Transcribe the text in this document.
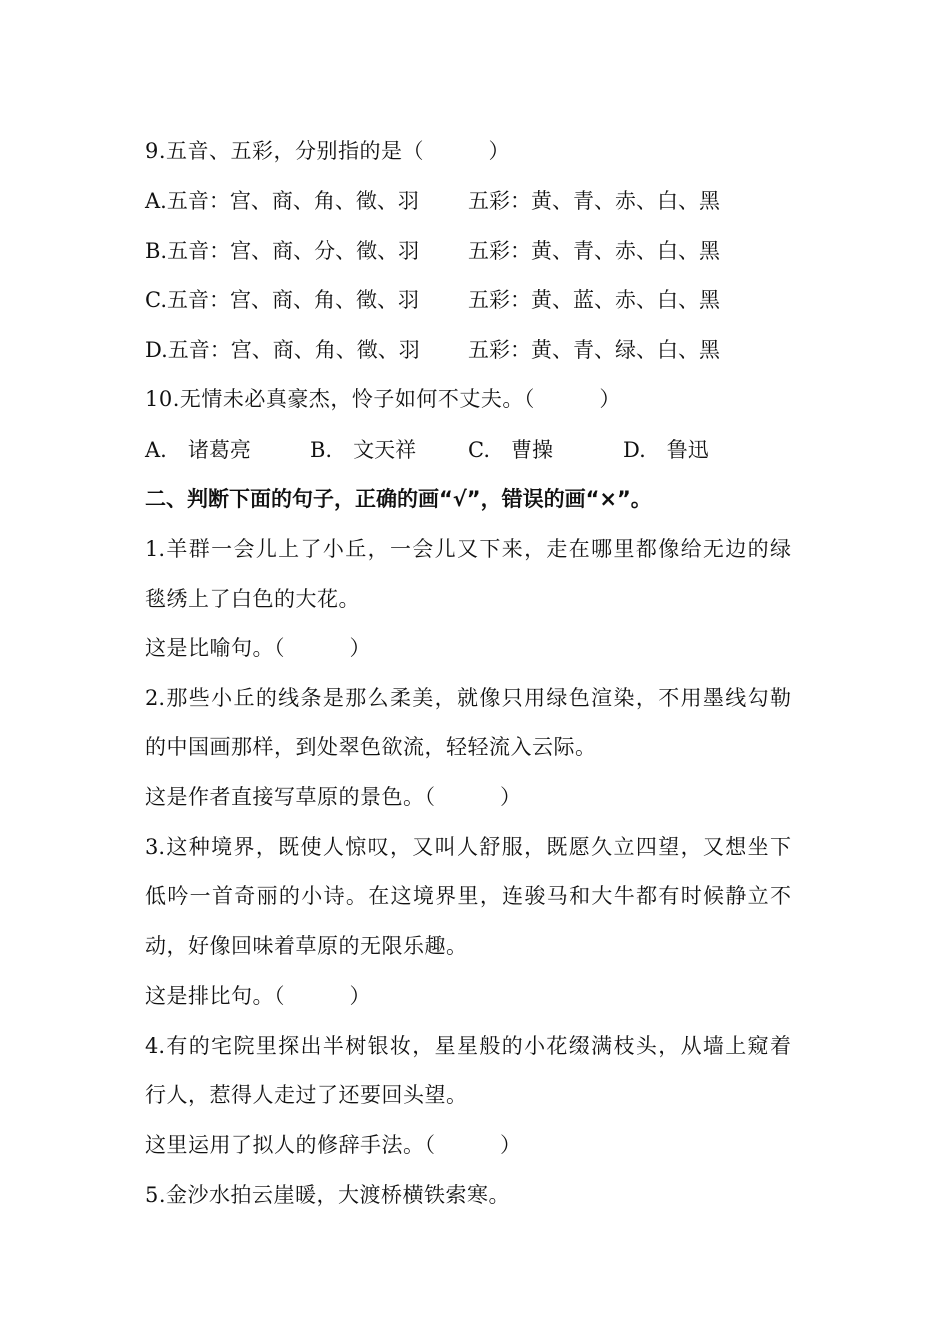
9.五音、五彩，分别指的是（　　　）
A.五音：宫、商、角、徵、羽 五彩：黄、青、赤、白、黑
B.五音：宫、商、分、徵、羽 五彩：黄、青、赤、白、黑
C.五音：宫、商、角、徵、羽 五彩：黄、蓝、赤、白、黑
D.五音：宫、商、角、徵、羽 五彩：黄、青、绿、白、黑
10.无情未必真豪杰，怜子如何不丈夫。（　　　）
A.　诸葛亮	B.　文天祥 C.　曹操	D.　鲁迅
二、判断下面的句子，正确的画“√”，错误的画“×”。
1.羊群一会儿上了小丘，一会儿又下来，走在哪里都像给无边的绿
毯绣上了白色的大花。
这是比喻句。（　　　）
2.那些小丘的线条是那么柔美，就像只用绿色渲染，不用墨线勾勒
的中国画那样，到处翠色欲流，轻轻流入云际。
这是作者直接写草原的景色。（　　　）
3.这种境界，既使人惊叹，又叫人舒服，既愿久立四望，又想坐下
低吟一首奇丽的小诗。在这境界里，连骏马和大牛都有时候静立不
动，好像回味着草原的无限乐趣。
这是排比句。（　　　）
4.有的宅院里探出半树银妆，星星般的小花缀满枝头，从墙上窥着
行人，惹得人走过了还要回头望。
这里运用了拟人的修辞手法。（　　　）
5.金沙水拍云崖暖，大渡桥横铁索寒。
